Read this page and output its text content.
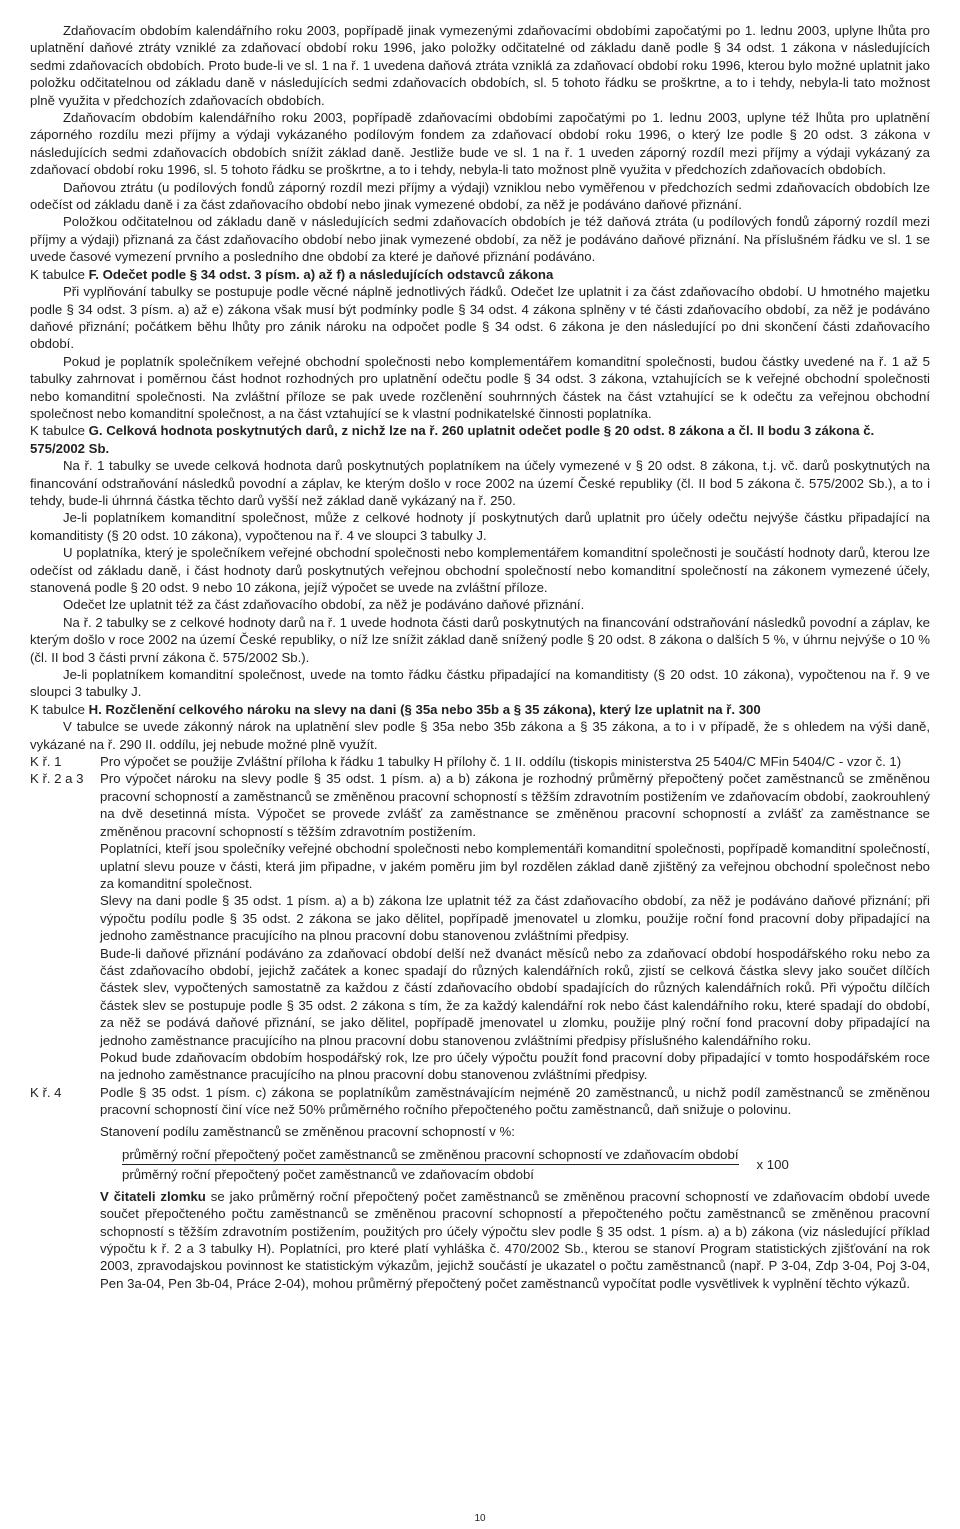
Zdaňovacím obdobím kalendářního roku 2003, popřípadě jinak vymezenými zdaňovacími obdobími započatými po 1. lednu 2003, uplyne lhůta pro uplatnění daňové ztráty vzniklé za zdaňovací období roku 1996, jako položky odčitatelné od základu daně podle § 34 odst. 1 zákona v následujících sedmi zdaňovacích obdobích. Proto bude-li ve sl. 1 na ř. 1 uvedena daňová ztráta vzniklá za zdaňovací období roku 1996, kterou bylo možné uplatnit jako položku odčitatelnou od základu daně v následujících sedmi zdaňovacích obdobích, sl. 5 tohoto řádku se proškrtne, a to i tehdy, nebyla-li tato možnost plně využita v předchozích zdaňovacích obdobích.

Zdaňovacím obdobím kalendářního roku 2003, popřípadě zdaňovacími obdobími započatými po 1. lednu 2003, uplyne též lhůta pro uplatnění záporného rozdílu mezi příjmy a výdaji vykázaného podílovým fondem za zdaňovací období roku 1996, o který lze podle § 20 odst. 3 zákona v následujících sedmi zdaňovacích obdobích snížit základ daně. Jestliže bude ve sl. 1 na ř. 1 uveden záporný rozdíl mezi příjmy a výdaji vykázaný za zdaňovací období roku 1996, sl. 5 tohoto řádku se proškrtne, a to i tehdy, nebyla-li tato možnost plně využita v předchozích zdaňovacích obdobích.

Daňovou ztrátu (u podílových fondů záporný rozdíl mezi příjmy a výdaji) vzniklou nebo vyměřenou v předchozích sedmi zdaňovacích obdobích lze odečíst od základu daně i za část zdaňovacího období nebo jinak vymezené období, za něž je podáváno daňové přiznání.

Položkou odčitatelnou od základu daně v následujících sedmi zdaňovacích obdobích je též daňová ztráta (u podílových fondů záporný rozdíl mezi příjmy a výdaji) přiznaná za část zdaňovacího období nebo jinak vymezené období, za něž je podáváno daňové přiznání. Na příslušném řádku ve sl. 1 se uvede časové vymezení prvního a posledního dne období za které je daňové přiznání podáváno.

K tabulce F. Odečet podle § 34 odst. 3 písm. a) až f) a následujících odstavců zákona

Při vyplňování tabulky se postupuje podle věcné náplně jednotlivých řádků. Odečet lze uplatnit i za část zdaňovacího období. U hmotného majetku podle § 34 odst. 3 písm. a) až e) zákona však musí být podmínky podle § 34 odst. 4 zákona splněny v té části zdaňovacího období, za něž je podáváno daňové přiznání; počátkem běhu lhůty pro zánik nároku na odpočet podle § 34 odst. 6 zákona je den následující po dni skončení části zdaňovacího období.

Pokud je poplatník společníkem veřejné obchodní společnosti nebo komplementářem komanditní společnosti, budou částky uvedené na ř. 1 až 5 tabulky zahrnovat i poměrnou část hodnot rozhodných pro uplatnění odečtu podle § 34 odst. 3 zákona, vztahujících se k veřejné obchodní společnosti nebo komanditní společnosti. Na zvláštní příloze se pak uvede rozčlenění souhrnných částek na část vztahující se k odečtu za veřejnou obchodní společnost nebo komanditní společnost, a na část vztahující se k vlastní podnikatelské činnosti poplatníka.

K tabulce G. Celková hodnota poskytnutých darů, z nichž lze na ř. 260 uplatnit odečet podle § 20 odst. 8 zákona a čl. II bodu 3 zákona č. 575/2002 Sb.

Na ř. 1 tabulky se uvede celková hodnota darů poskytnutých poplatníkem na účely vymezené v § 20 odst. 8 zákona, t.j. vč. darů poskytnutých na financování odstraňování následků povodní a záplav, ke kterým došlo v roce 2002 na území České republiky (čl. II bod 5 zákona č. 575/2002 Sb.), a to i tehdy, bude-li úhrnná částka těchto darů vyšší než základ daně vykázaný na ř. 250.

Je-li poplatníkem komanditní společnost, může z celkové hodnoty jí poskytnutých darů uplatnit pro účely odečtu nejvýše částku připadající na komanditisty (§ 20 odst. 10 zákona), vypočtenou na ř. 4 ve sloupci 3 tabulky J.

U poplatníka, který je společníkem veřejné obchodní společnosti nebo komplementářem komanditní společnosti je součástí hodnoty darů, kterou lze odečíst od základu daně, i část hodnoty darů poskytnutých veřejnou obchodní společností nebo komanditní společností na zákonem vymezené účely, stanovená podle § 20 odst. 9 nebo 10 zákona, jejíž výpočet se uvede na zvláštní příloze.

Odečet lze uplatnit též za část zdaňovacího období, za něž je podáváno daňové přiznání.

Na ř. 2 tabulky se z celkové hodnoty darů na ř. 1 uvede hodnota části darů poskytnutých na financování odstraňování následků povodní a záplav, ke kterým došlo v roce 2002 na území České republiky, o níž lze snížit základ daně snížený podle § 20 odst. 8 zákona o dalších 5 %, v úhrnu nejvýše o 10 % (čl. II bod 3 části první zákona č. 575/2002 Sb.).

Je-li poplatníkem komanditní společnost, uvede na tomto řádku částku připadající na komanditisty (§ 20 odst. 10 zákona), vypočtenou na ř. 9 ve sloupci 3 tabulky J.

K tabulce H. Rozčlenění celkového nároku na slevy na dani (§ 35a nebo 35b a § 35 zákona), který lze uplatnit na ř. 300

V tabulce se uvede zákonný nárok na uplatnění slev podle § 35a nebo 35b zákona a § 35 zákona, a to i v případě, že s ohledem na výši daně, vykázané na ř. 290 II. oddílu, jej nebude možné plně využít.

K ř. 1	Pro výpočet se použije Zvláštní příloha k řádku 1 tabulky H přílohy č. 1 II. oddílu (tiskopis ministerstva 25 5404/C MFin 5404/C - vzor č. 1)

K ř. 2 a 3	Pro výpočet nároku na slevy podle § 35 odst. 1 písm. a) a b) zákona je rozhodný průměrný přepočtený počet zaměstnanců se změněnou pracovní schopností a zaměstnanců se změněnou pracovní schopností s těžším zdravotním postižením ve zdaňovacím období, zaokrouhlený na dvě desetinná místa. Výpočet se provede zvlášť za zaměstnance se změněnou pracovní schopností a zvlášť za zaměstnance se změněnou pracovní schopností s těžším zdravotním postižením.

Poplatníci, kteří jsou společníky veřejné obchodní společnosti nebo komplementáři komanditní společnosti, popřípadě komanditní společností, uplatní slevu pouze v části, která jim připadne, v jakém poměru jim byl rozdělen základ daně zjištěný za veřejnou obchodní společnost nebo za komanditní společnost.

Slevy na dani podle § 35 odst. 1 písm. a) a b) zákona lze uplatnit též za část zdaňovacího období, za něž je podáváno daňové přiznání; při výpočtu podílu podle § 35 odst. 2 zákona se jako dělitel, popřípadě jmenovatel u zlomku, použije roční fond pracovní doby připadající na jednoho zaměstnance pracujícího na plnou pracovní dobu stanovenou zvláštními předpisy.

Bude-li daňové přiznání podáváno za zdaňovací období delší než dvanáct měsíců nebo za zdaňovací období hospodářského roku nebo za část zdaňovacího období, jejichž začátek a konec spadají do různých kalendářních roků, zjistí se celková částka slevy jako součet dílčích částek slev, vypočtených samostatně za každou z částí zdaňovacího období spadajících do různých kalendářních roků. Při výpočtu dílčích částek slev se postupuje podle § 35 odst. 2 zákona s tím, že za každý kalendářní rok nebo část kalendářního roku, které spadají do období, za něž se podává daňové přiznání, se jako dělitel, popřípadě jmenovatel u zlomku, použije plný roční fond pracovní doby připadající na jednoho zaměstnance pracujícího na plnou pracovní dobu stanovenou zvláštními předpisy příslušného kalendářního roku.

Pokud bude zdaňovacím obdobím hospodářský rok, lze pro účely výpočtu použít fond pracovní doby připadající v tomto hospodářském roce na jednoho zaměstnance pracujícího na plnou pracovní dobu stanovenou zvláštními předpisy.

K ř. 4	Podle § 35 odst. 1 písm. c) zákona se poplatníkům zaměstnávajícím nejméně 20 zaměstnanců, u nichž podíl zaměstnanců se změněnou pracovní schopností činí více než 50% průměrného ročního přepočteného počtu zaměstnanců, daň snižuje o polovinu.

Stanovení podílu zaměstnanců se změněnou pracovní schopností v %:

průměrný roční přepočtený počet zaměstnanců se změněnou pracovní schopností ve zdaňovacím období
průměrný roční přepočtený počet zaměstnanců ve zdaňovacím období
x 100

V čitateli zlomku se jako průměrný roční přepočtený počet zaměstnanců se změněnou pracovní schopností ve zdaňovacím období uvede součet přepočteného počtu zaměstnanců se změněnou pracovní schopností a přepočteného počtu zaměstnanců se změněnou pracovní schopností s těžším zdravotním postižením, použitých pro účely výpočtu slev podle § 35 odst. 1 písm. a) a b) zákona (viz následující příklad výpočtu k ř. 2 a 3 tabulky H). Poplatníci, pro které platí vyhláška č. 470/2002 Sb., kterou se stanoví Program statistických zjišťování na rok 2003, zpravodajskou povinnost ke statistickým výkazům, jejichž součástí je ukazatel o počtu zaměstnanců (např. P 3-04, Zdp 3-04, Poj 3-04, Pen 3a-04, Pen 3b-04, Práce 2-04), mohou průměrný přepočtený počet zaměstnanců vypočítat podle vysvětlivek k vyplnění těchto výkazů.

10
